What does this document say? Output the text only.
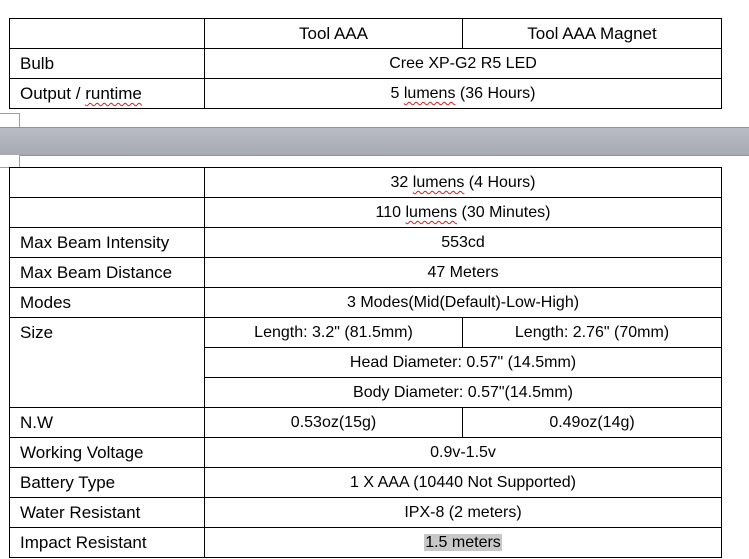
	Tool AAA	Tool AAA Magnet
Bulb	Cree XP-G2 R5 LED	
Output / runtime	5 lumens (36 Hours)	
	32 lumens (4 Hours)	
	110 lumens (30 Minutes)	
Max Beam Intensity	553cd	
Max Beam Distance	47 Meters	
Modes	3 Modes(Mid(Default)-Low-High)	
Size	Length: 3.2" (81.5mm)	Length: 2.76" (70mm)
	Head Diameter: 0.57" (14.5mm)	
	Body Diameter: 0.57"(14.5mm)	
N.W	0.53oz(15g)	0.49oz(14g)
Working Voltage	0.9v-1.5v	
Battery Type	1 X AAA (10440 Not Supported)	
Water Resistant	IPX-8 (2 meters)	
Impact Resistant	1.5 meters	
